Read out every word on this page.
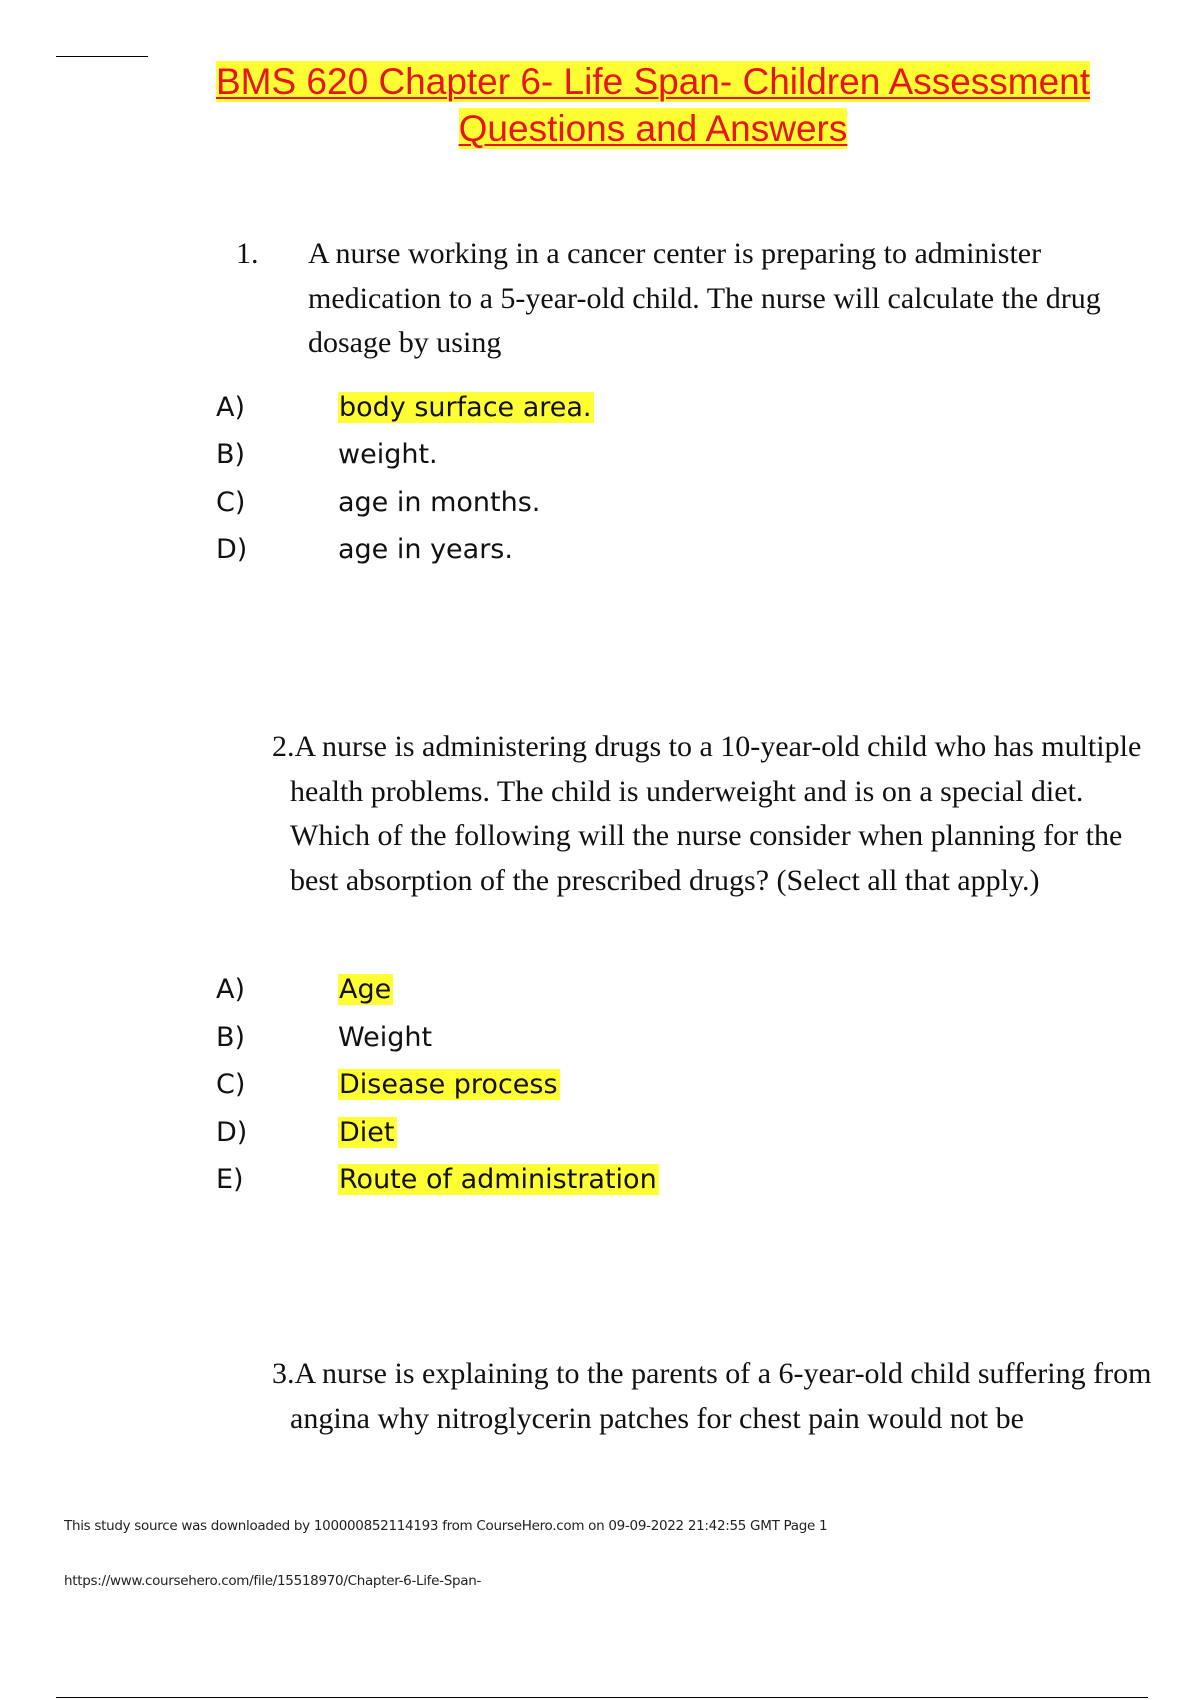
BMS 620 Chapter 6- Life Span- Children Assessment
Questions and Answers

1. A nurse working in a cancer center is preparing to administer medication to a 5-year-old child. The nurse will calculate the drug dosage by using

A)	body surface area.
B)	weight.
C)	age in months.
D)	age in years.

2.A nurse is administering drugs to a 10-year-old child who has multiple health problems. The child is underweight and is on a special diet. Which of the following will the nurse consider when planning for the best absorption of the prescribed drugs? (Select all that apply.)

A)	Age
B)	Weight
C)	Disease process
D)	Diet
E)	Route of administration

3.A nurse is explaining to the parents of a 6-year-old child suffering from angina why nitroglycerin patches for chest pain would not be

This study source was downloaded by 100000852114193 from CourseHero.com on 09-09-2022 21:42:55 GMT Page 1
https://www.coursehero.com/file/15518970/Chapter-6-Life-Span-
